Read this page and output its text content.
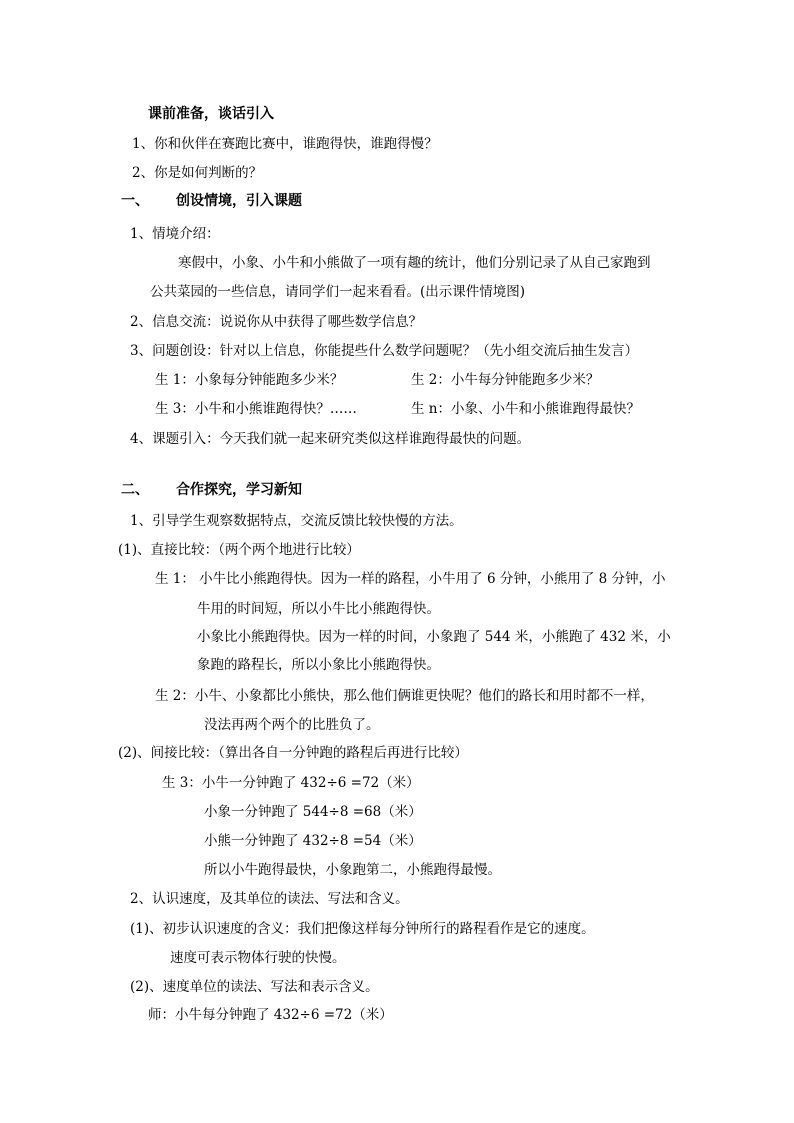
课前准备，谈话引入
1、你和伙伴在赛跑比赛中，谁跑得快，谁跑得慢？
2、你是如何判断的？
一、 创设情境，引入课题
1、情境介绍：
寒假中，小象、小牛和小熊做了一项有趣的统计，他们分别记录了从自己家跑到
公共菜园的一些信息，请同学们一起来看看。(出示课件情境图)
2、信息交流：说说你从中获得了哪些数学信息？
3、问题创设：针对以上信息，你能提些什么数学问题呢？（先小组交流后抽生发言）
生 1：小象每分钟能跑多少米？	生 2：小牛每分钟能跑多少米？
生 3：小牛和小熊谁跑得快？……	生 n：小象、小牛和小熊谁跑得最快？
4、课题引入：今天我们就一起来研究类似这样谁跑得最快的问题。
二、 合作探究，学习新知
1、引导学生观察数据特点，交流反馈比较快慢的方法。
(1)、直接比较：（两个两个地进行比较）
生 1： 小牛比小熊跑得快。因为一样的路程，小牛用了 6 分钟，小熊用了 8 分钟，小
牛用的时间短，所以小牛比小熊跑得快。
小象比小熊跑得快。因为一样的时间，小象跑了 544 米，小熊跑了 432 米，小
象跑的路程长，所以小象比小熊跑得快。
生 2：小牛、小象都比小熊快，那么他们俩谁更快呢？他们的路长和用时都不一样，
没法再两个两个的比胜负了。
(2)、间接比较：（算出各自一分钟跑的路程后再进行比较）
生 3：小牛一分钟跑了 432÷6 =72（米）
小象一分钟跑了 544÷8 =68（米）
小熊一分钟跑了 432÷8 =54（米）
所以小牛跑得最快，小象跑第二，小熊跑得最慢。
2、认识速度，及其单位的读法、写法和含义。
(1)、初步认识速度的含义：我们把像这样每分钟所行的路程看作是它的速度。
速度可表示物体行驶的快慢。
(2)、速度单位的读法、写法和表示含义。
师：小牛每分钟跑了 432÷6 =72（米）
